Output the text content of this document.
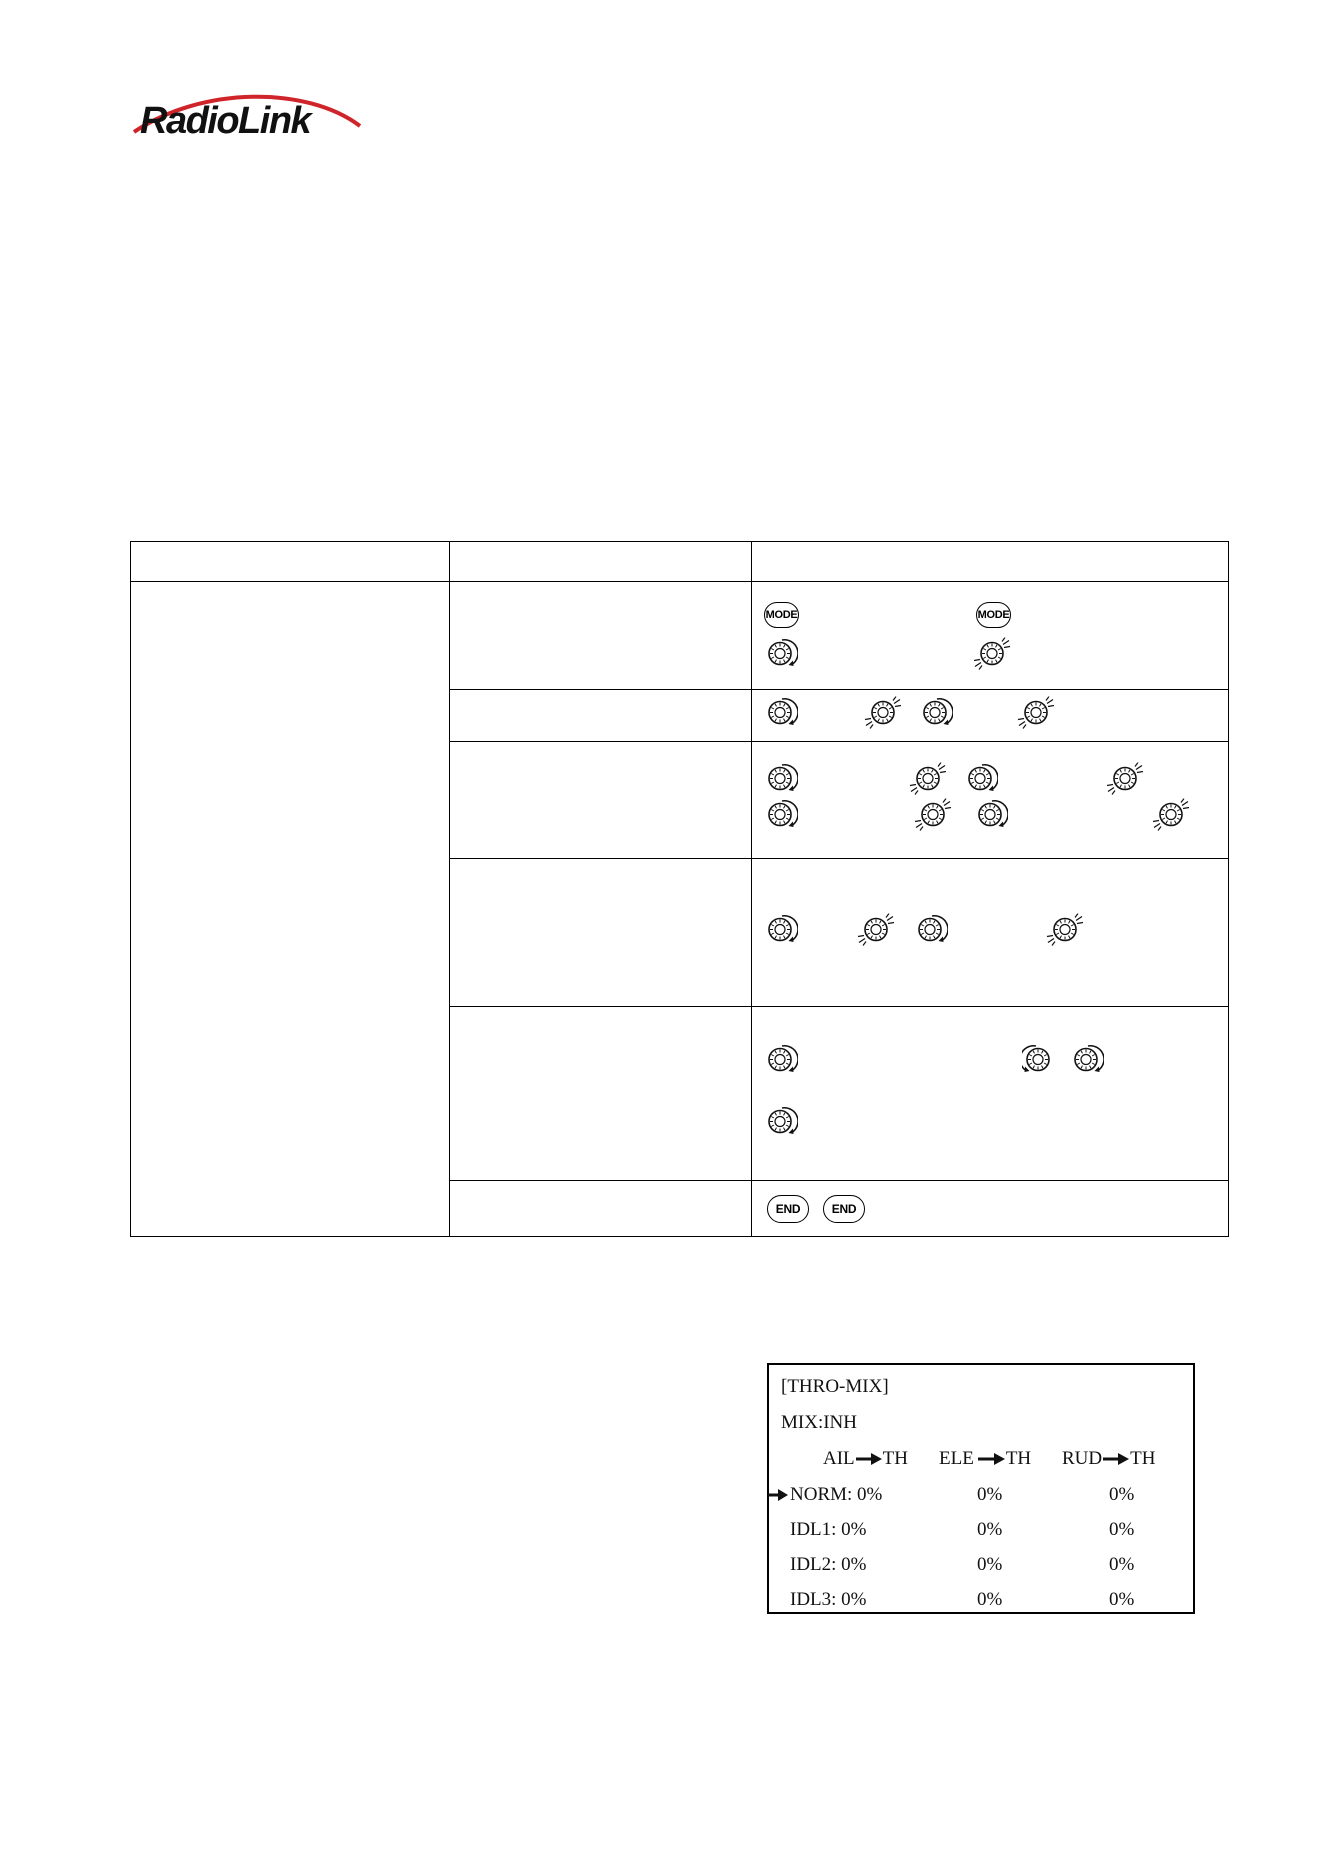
RadioLink

MODE MODE

END END
[THRO-MIX]
MIX:INH
AIL TH ELE TH RUD TH
NORM: 0%	0%	0%
IDL1: 0%	0%	0%
IDL2: 0%	0%	0%
IDL3: 0%	0%	0%
